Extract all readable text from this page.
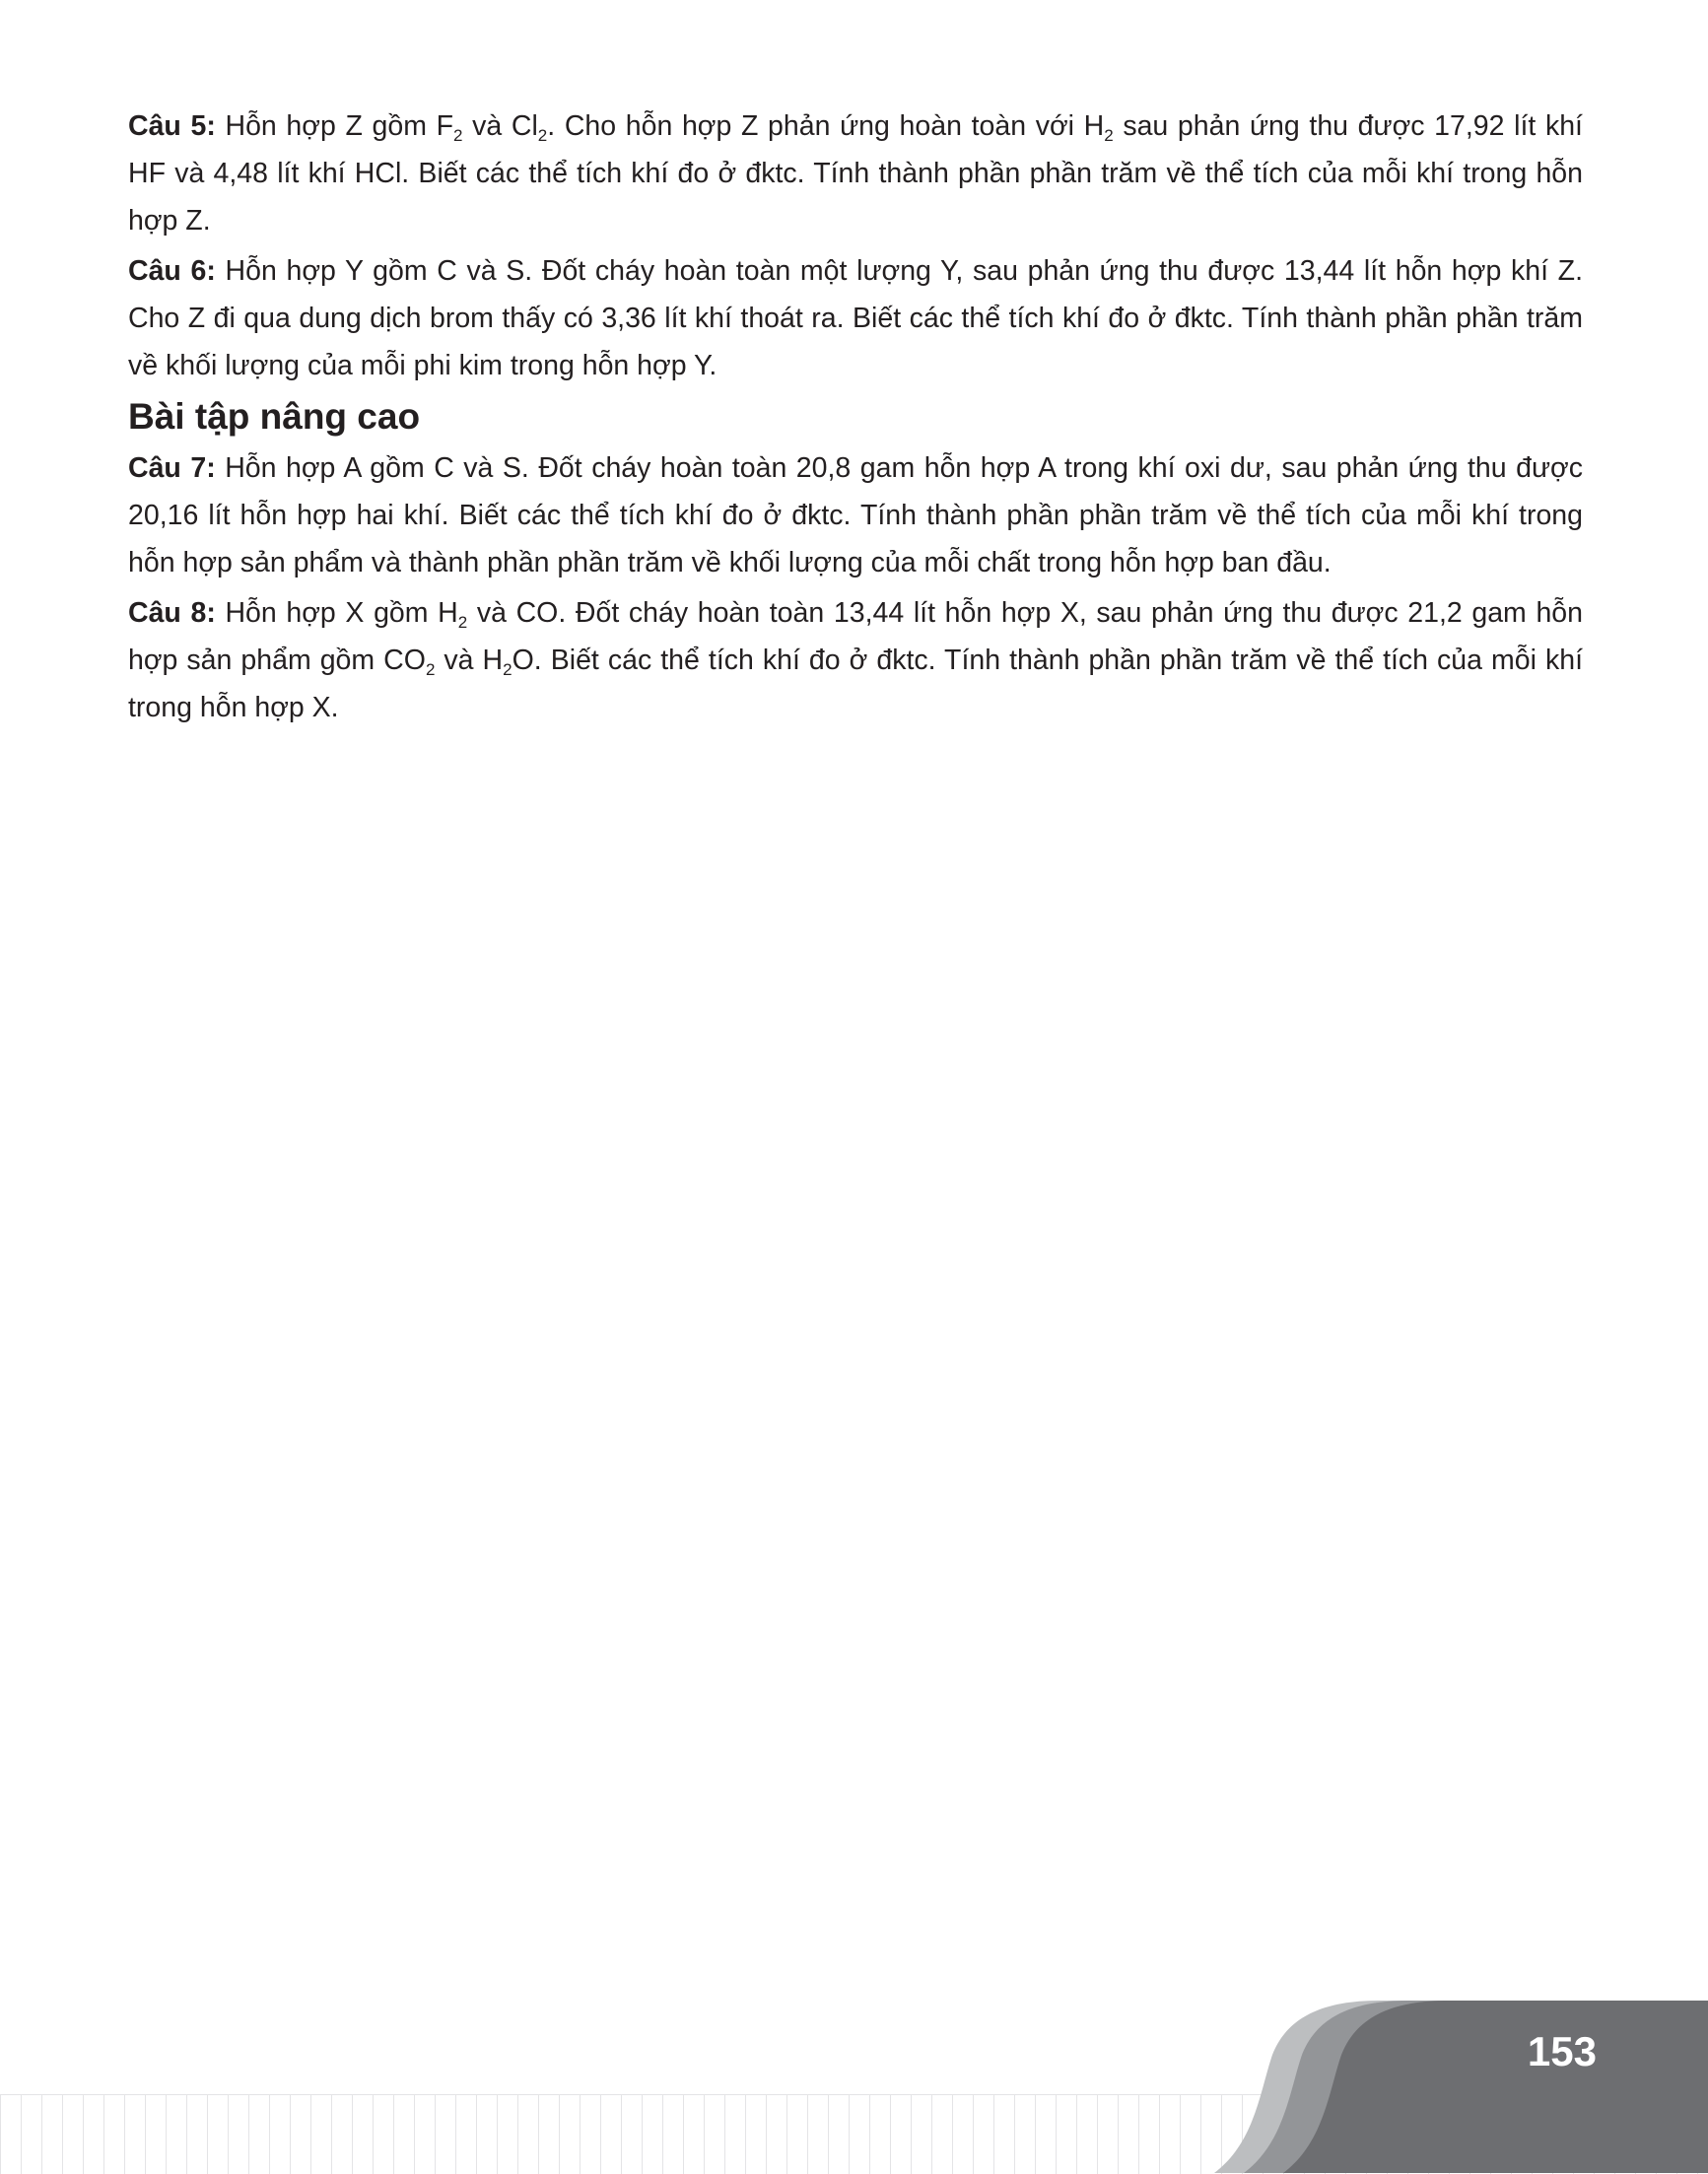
Câu 5: Hỗn hợp Z gồm $F_2$ và $Cl_2$. Cho hỗn hợp Z phản ứng hoàn toàn với $H_2$ sau phản ứng thu được 17,92 lít khí HF và 4,48 lít khí HCl. Biết các thể tích khí đo ở đktc. Tính thành phần phần trăm về thể tích của mỗi khí trong hỗn hợp Z.

Câu 6: Hỗn hợp Y gồm C và S. Đốt cháy hoàn toàn một lượng Y, sau phản ứng thu được 13,44 lít hỗn hợp khí Z. Cho Z đi qua dung dịch brom thấy có 3,36 lít khí thoát ra. Biết các thể tích khí đo ở đktc. Tính thành phần phần trăm về khối lượng của mỗi phi kim trong hỗn hợp Y.

Bài tập nâng cao

Câu 7: Hỗn hợp A gồm C và S. Đốt cháy hoàn toàn 20,8 gam hỗn hợp A trong khí oxi dư, sau phản ứng thu được 20,16 lít hỗn hợp hai khí. Biết các thể tích khí đo ở đktc. Tính thành phần phần trăm về thể tích của mỗi khí trong hỗn hợp sản phẩm và thành phần phần trăm về khối lượng của mỗi chất trong hỗn hợp ban đầu.

Câu 8: Hỗn hợp X gồm $H_2$ và CO. Đốt cháy hoàn toàn 13,44 lít hỗn hợp X, sau phản ứng thu được 21,2 gam hỗn hợp sản phẩm gồm $CO_2$ và $H_2O$. Biết các thể tích khí đo ở đktc. Tính thành phần phần trăm về thể tích của mỗi khí trong hỗn hợp X.

153
